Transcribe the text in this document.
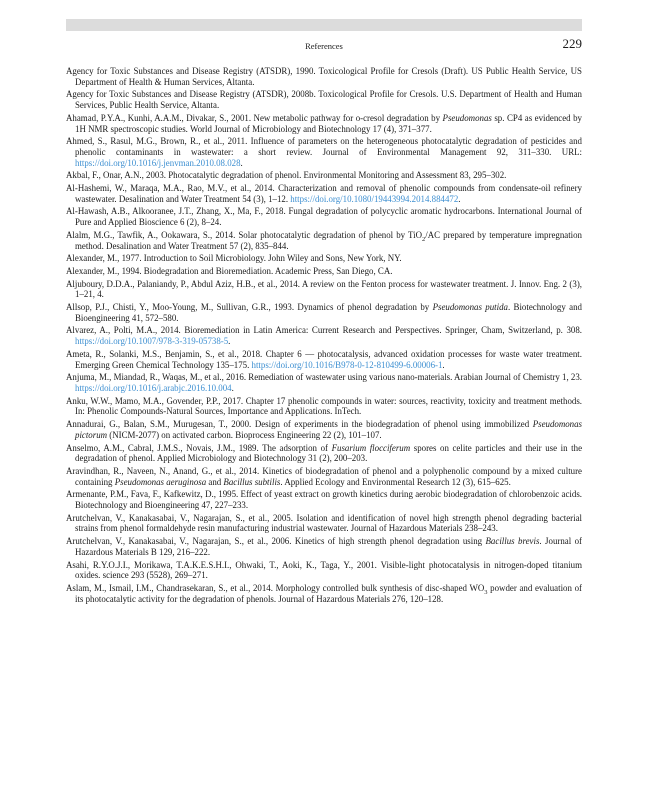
References	229
Agency for Toxic Substances and Disease Registry (ATSDR), 1990. Toxicological Profile for Cresols (Draft). US Public Health Service, US Department of Health & Human Services, Altanta.
Agency for Toxic Substances and Disease Registry (ATSDR), 2008b. Toxicological Profile for Cresols. U.S. Department of Health and Human Services, Public Health Service, Altanta.
Ahamad, P.Y.A., Kunhi, A.A.M., Divakar, S., 2001. New metabolic pathway for o-cresol degradation by Pseudomonas sp. CP4 as evidenced by 1H NMR spectroscopic studies. World Journal of Microbiology and Biotechnology 17 (4), 371–377.
Ahmed, S., Rasul, M.G., Brown, R., et al., 2011. Influence of parameters on the heterogeneous photocatalytic degradation of pesticides and phenolic contaminants in wastewater: a short review. Journal of Environmental Management 92, 311–330. URL: https://doi.org/10.1016/j.jenvman.2010.08.028.
Akbal, F., Onar, A.N., 2003. Photocatalytic degradation of phenol. Environmental Monitoring and Assessment 83, 295–302.
Al-Hashemi, W., Maraqa, M.A., Rao, M.V., et al., 2014. Characterization and removal of phenolic compounds from condensate-oil refinery wastewater. Desalination and Water Treatment 54 (3), 1–12. https://doi.org/10.1080/19443994.2014.884472.
Al-Hawash, A.B., Alkooranee, J.T., Zhang, X., Ma, F., 2018. Fungal degradation of polycyclic aromatic hydrocarbons. International Journal of Pure and Applied Bioscience 6 (2), 8–24.
Alalm, M.G., Tawfik, A., Ookawara, S., 2014. Solar photocatalytic degradation of phenol by TiO$_2$/AC prepared by temperature impregnation method. Desalination and Water Treatment 57 (2), 835–844.
Alexander, M., 1977. Introduction to Soil Microbiology. John Wiley and Sons, New York, NY.
Alexander, M., 1994. Biodegradation and Bioremediation. Academic Press, San Diego, CA.
Aljuboury, D.D.A., Palaniandy, P., Abdul Aziz, H.B., et al., 2014. A review on the Fenton process for wastewater treatment. J. Innov. Eng. 2 (3), 1–21, 4.
Allsop, P.J., Chisti, Y., Moo-Young, M., Sullivan, G.R., 1993. Dynamics of phenol degradation by Pseudomonas putida. Biotechnology and Bioengineering 41, 572–580.
Alvarez, A., Polti, M.A., 2014. Bioremediation in Latin America: Current Research and Perspectives. Springer, Cham, Switzerland, p. 308. https://doi.org/10.1007/978-3-319-05738-5.
Ameta, R., Solanki, M.S., Benjamin, S., et al., 2018. Chapter 6 — photocatalysis, advanced oxidation processes for waste water treatment. Emerging Green Chemical Technology 135–175. https://doi.org/10.1016/B978-0-12-810499-6.00006-1.
Anjuma, M., Miandad, R., Waqas, M., et al., 2016. Remediation of wastewater using various nano-materials. Arabian Journal of Chemistry 1, 23. https://doi.org/10.1016/j.arabjc.2016.10.004.
Anku, W.W., Mamo, M.A., Govender, P.P., 2017. Chapter 17 phenolic compounds in water: sources, reactivity, toxicity and treatment methods. In: Phenolic Compounds-Natural Sources, Importance and Applications. InTech.
Annadurai, G., Balan, S.M., Murugesan, T., 2000. Design of experiments in the biodegradation of phenol using immobilized Pseudomonas pictorum (NICM-2077) on activated carbon. Bioprocess Engineering 22 (2), 101–107.
Anselmo, A.M., Cabral, J.M.S., Novais, J.M., 1989. The adsorption of Fusarium flocciferum spores on celite particles and their use in the degradation of phenol. Applied Microbiology and Biotechnology 31 (2), 200–203.
Aravindhan, R., Naveen, N., Anand, G., et al., 2014. Kinetics of biodegradation of phenol and a polyphenolic compound by a mixed culture containing Pseudomonas aeruginosa and Bacillus subtilis. Applied Ecology and Environmental Research 12 (3), 615–625.
Armenante, P.M., Fava, F., Kafkewitz, D., 1995. Effect of yeast extract on growth kinetics during aerobic biodegradation of chlorobenzoic acids. Biotechnology and Bioengineering 47, 227–233.
Arutchelvan, V., Kanakasabai, V., Nagarajan, S., et al., 2005. Isolation and identification of novel high strength phenol degrading bacterial strains from phenol formaldehyde resin manufacturing industrial wastewater. Journal of Hazardous Materials 238–243.
Arutchelvan, V., Kanakasabai, V., Nagarajan, S., et al., 2006. Kinetics of high strength phenol degradation using Bacillus brevis. Journal of Hazardous Materials B 129, 216–222.
Asahi, R.Y.O.J.I., Morikawa, T.A.K.E.S.H.I., Ohwaki, T., Aoki, K., Taga, Y., 2001. Visible-light photocatalysis in nitrogen-doped titanium oxides. science 293 (5528), 269–271.
Aslam, M., Ismail, I.M., Chandrasekaran, S., et al., 2014. Morphology controlled bulk synthesis of disc-shaped $WO_3$ powder and evaluation of its photocatalytic activity for the degradation of phenols. Journal of Hazardous Materials 276, 120–128.
